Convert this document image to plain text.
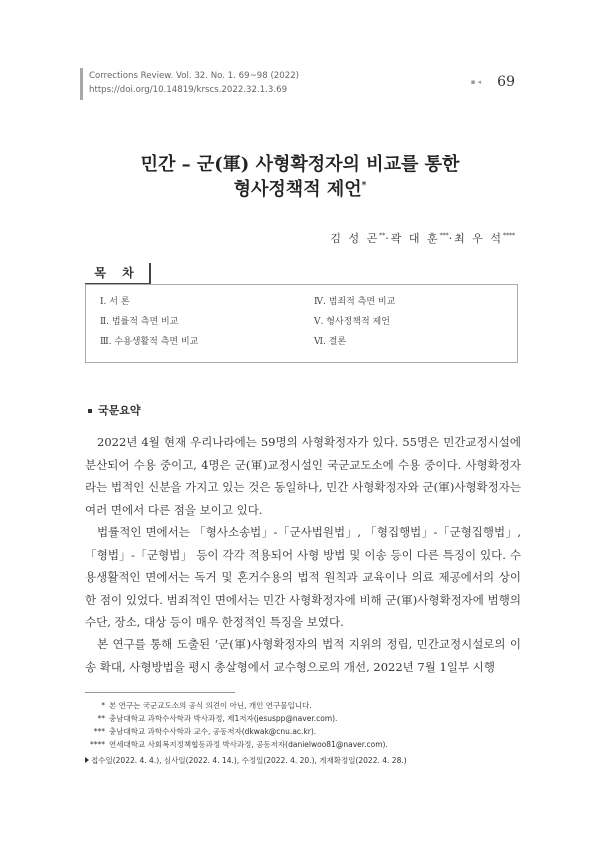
Corrections Review. Vol. 32. No. 1. 69~98 (2022)
https://doi.org/10.14819/krscs.2022.32.1.3.69
▪ ◂ 69
민간 – 군(軍) 사형확정자의 비교를 통한
형사정책적 제언*
김 성 곤**·곽 대 훈***·최 우 석****
목 차
Ⅰ. 서 론
Ⅱ. 법률적 측면 비교
Ⅲ. 수용생활적 측면 비교
Ⅳ. 범죄적 측면 비교
Ⅴ. 형사정책적 제언
Ⅵ. 결론
국문요약

2022년 4월 현재 우리나라에는 59명의 사형확정자가 있다. 55명은 민간교정시설에 분산되어 수용 중이고, 4명은 군(軍)교정시설인 국군교도소에 수용 중이다. 사형확정자라는 법적인 신분을 가지고 있는 것은 동일하나, 민간 사형확정자와 군(軍)사형확정자는 여러 면에서 다른 점을 보이고 있다.

법률적인 면에서는 「형사소송법」-「군사법원법」, 「형집행법」-「군형집행법」, 「형법」-「군형법」 등이 각각 적용되어 사형 방법 및 이송 등이 다른 특징이 있다. 수용생활적인 면에서는 독거 및 혼거수용의 법적 원칙과 교육이나 의료 제공에서의 상이한 점이 있었다. 범죄적인 면에서는 민간 사형확정자에 비해 군(軍)사형확정자에 범행의 수단, 장소, 대상 등이 매우 한정적인 특징을 보였다.

본 연구를 통해 도출된 ‘군(軍)사형확정자의 법적 지위의 정립, 민간교정시설로의 이송 확대, 사형방법을 평시 총살형에서 교수형으로의 개선, 2022년 7월 1일부 시행

* 본 연구는 국군교도소의 공식 의견이 아닌, 개인 연구물입니다.
** 충남대학교 과학수사학과 박사과정, 제1저자(jesuspp@naver.com).
*** 충남대학교 과학수사학과 교수, 공동저자(dkwak@cnu.ac.kr).
**** 연세대학교 사회복지정책협동과정 박사과정, 공동저자(danielwoo81@naver.com).
접수일(2022. 4. 4.), 심사일(2022. 4. 14.), 수정일(2022. 4. 20.), 게재확정일(2022. 4. 28.)
